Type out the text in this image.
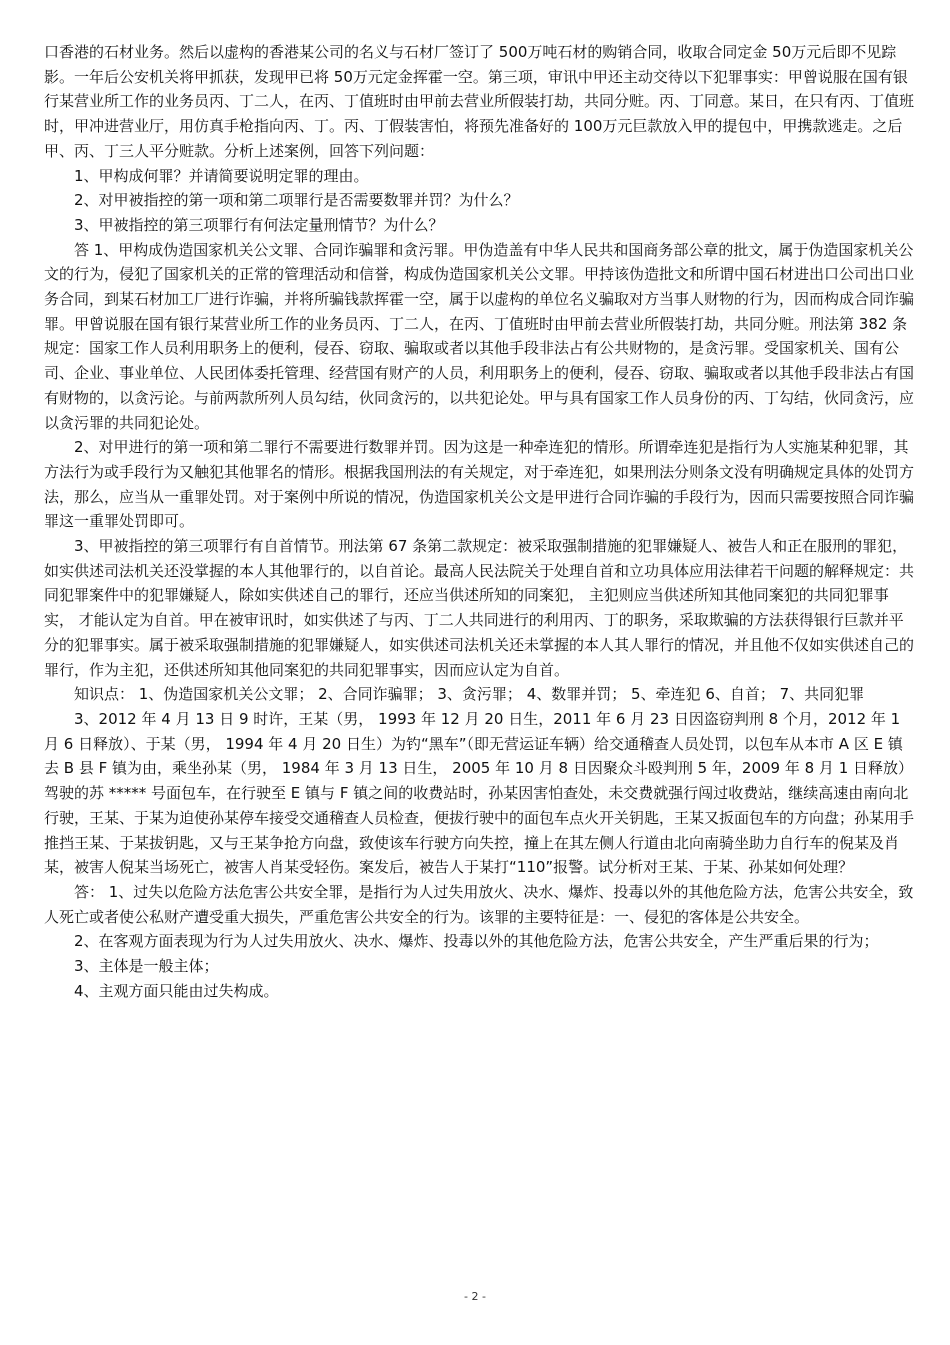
口香港的石材业务。然后以虚构的香港某公司的名义与石材厂签订了 500万吨石材的购销合同，收取合同定金 50万元后即不见踪影。一年后公安机关将甲抓获，发现甲已将 50万元定金挥霍一空。第三项，审讯中甲还主动交待以下犯罪事实：甲曾说服在国有银行某营业所工作的业务员丙、丁二人，在丙、丁值班时由甲前去营业所假装打劫，共同分赃。丙、丁同意。某日，在只有丙、丁值班时，甲冲进营业厅，用仿真手枪指向丙、丁。丙、丁假装害怕，将预先准备好的 100万元巨款放入甲的提包中，甲携款逃走。之后甲、丙、丁三人平分赃款。分析上述案例，回答下列问题：

1、甲构成何罪？并请简要说明定罪的理由。

2、对甲被指控的第一项和第二项罪行是否需要数罪并罚？为什么？

3、甲被指控的第三项罪行有何法定量刑情节？为什么？

答 1、甲构成伪造国家机关公文罪、合同诈骗罪和贪污罪。甲伪造盖有中华人民共和国商务部公章的批文，属于伪造国家机关公文的行为，侵犯了国家机关的正常的管理活动和信誉，构成伪造国家机关公文罪。甲持该伪造批文和所谓中国石材进出口公司出口业务合同，到某石材加工厂进行诈骗，并将所骗钱款挥霍一空，属于以虚构的单位名义骗取对方当事人财物的行为，因而构成合同诈骗罪。甲曾说服在国有银行某营业所工作的业务员丙、丁二人，在丙、丁值班时由甲前去营业所假装打劫，共同分赃。刑法第 382 条规定：国家工作人员利用职务上的便利，侵吞、窃取、骗取或者以其他手段非法占有公共财物的，是贪污罪。受国家机关、国有公司、企业、事业单位、人民团体委托管理、经营国有财产的人员，利用职务上的便利，侵吞、窃取、骗取或者以其他手段非法占有国有财物的，以贪污论。与前两款所列人员勾结，伙同贪污的，以共犯论处。甲与具有国家工作人员身份的丙、丁勾结，伙同贪污，应以贪污罪的共同犯论处。

2、对甲进行的第一项和第二罪行不需要进行数罪并罚。因为这是一种牵连犯的情形。所谓牵连犯是指行为人实施某种犯罪，其方法行为或手段行为又触犯其他罪名的情形。根据我国刑法的有关规定，对于牵连犯，如果刑法分则条文没有明确规定具体的处罚方法，那么，应当从一重罪处罚。对于案例中所说的情况，伪造国家机关公文是甲进行合同诈骗的手段行为，因而只需要按照合同诈骗罪这一重罪处罚即可。

3、甲被指控的第三项罪行有自首情节。刑法第 67 条第二款规定：被采取强制措施的犯罪嫌疑人、被告人和正在服刑的罪犯，如实供述司法机关还没掌握的本人其他罪行的，以自首论。最高人民法院关于处理自首和立功具体应用法律若干问题的解释规定：共同犯罪案件中的犯罪嫌疑人，除如实供述自己的罪行，还应当供述所知的同案犯， 主犯则应当供述所知其他同案犯的共同犯罪事实， 才能认定为自首。甲在被审讯时，如实供述了与丙、丁二人共同进行的利用丙、丁的职务，采取欺骗的方法获得银行巨款并平分的犯罪事实。属于被采取强制措施的犯罪嫌疑人，如实供述司法机关还未掌握的本人其人罪行的情况，并且他不仅如实供述自己的罪行，作为主犯，还供述所知其他同案犯的共同犯罪事实，因而应认定为自首。

知识点： 1、伪造国家机关公文罪； 2、合同诈骗罪； 3、贪污罪； 4、数罪并罚； 5、牵连犯 6、自首； 7、共同犯罪

3、2012 年 4 月 13 日 9 时许，王某（男， 1993 年 12 月 20 日生，2011 年 6 月 23 日因盗窃判刑 8 个月，2012 年 1 月 6 日释放）、于某（男， 1994 年 4 月 20 日生）为钓“黑车”（即无营运证车辆）给交通稽查人员处罚，以包车从本市 A 区 E 镇去 B 县 F 镇为由，乘坐孙某（男， 1984 年 3 月 13 日生， 2005 年 10 月 8 日因聚众斗殴判刑 5 年，2009 年 8 月 1 日释放）驾驶的苏 ***** 号面包车，在行驶至 E 镇与 F 镇之间的收费站时，孙某因害怕查处，未交费就强行闯过收费站，继续高速由南向北行驶，王某、于某为迫使孙某停车接受交通稽查人员检查，便拔行驶中的面包车点火开关钥匙，王某又扳面包车的方向盘；孙某用手推挡王某、于某拔钥匙，又与王某争抢方向盘，致使该车行驶方向失控，撞上在其左侧人行道由北向南骑坐助力自行车的倪某及肖某，被害人倪某当场死亡，被害人肖某受轻伤。案发后，被告人于某打“110”报警。试分析对王某、于某、孙某如何处理？

答： 1、过失以危险方法危害公共安全罪，是指行为人过失用放火、决水、爆炸、投毒以外的其他危险方法，危害公共安全，致人死亡或者使公私财产遭受重大损失，严重危害公共安全的行为。该罪的主要特征是：一、侵犯的客体是公共安全。

2、在客观方面表现为行为人过失用放火、决水、爆炸、投毒以外的其他危险方法，危害公共安全，产生严重后果的行为；

3、主体是一般主体；

4、主观方面只能由过失构成。

- 2 -
